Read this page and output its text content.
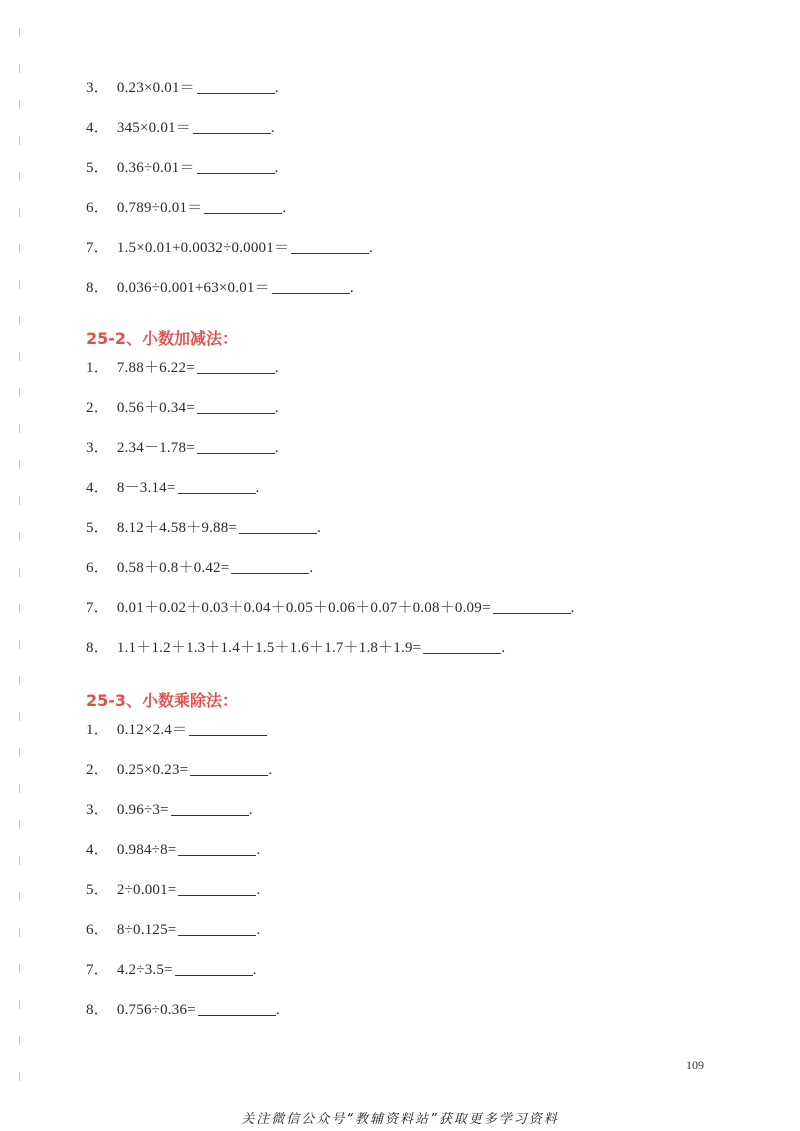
3． 0.23×0.01＝	.
4． 345×0.01＝	.
5． 0.36÷0.01＝	.
6． 0.789÷0.01＝	.
7． 1.5×0.01+0.0032÷0.0001＝	.
8． 0.036÷0.001+63×0.01＝	.
25-2、小数加减法：
1． 7.88＋6.22=	.
2． 0.56＋0.34=	.
3． 2.34－1.78=	.
4． 8－3.14=	.
5． 8.12＋4.58＋9.88=	.
6． 0.58＋0.8＋0.42=	.
7． 0.01＋0.02＋0.03＋0.04＋0.05＋0.06＋0.07＋0.08＋0.09=	.
8． 1.1＋1.2＋1.3＋1.4＋1.5＋1.6＋1.7＋1.8＋1.9=	.
25-3、小数乘除法：
1． 0.12×2.4＝
2． 0.25×0.23=	.
3． 0.96÷3=	.
4． 0.984÷8=	.
5． 2÷0.001=	.
6． 8÷0.125=	.
7． 4.2÷3.5=	.
8． 0.756÷0.36=	.
109
关注微信公众号“教辅资料站”获取更多学习资料
